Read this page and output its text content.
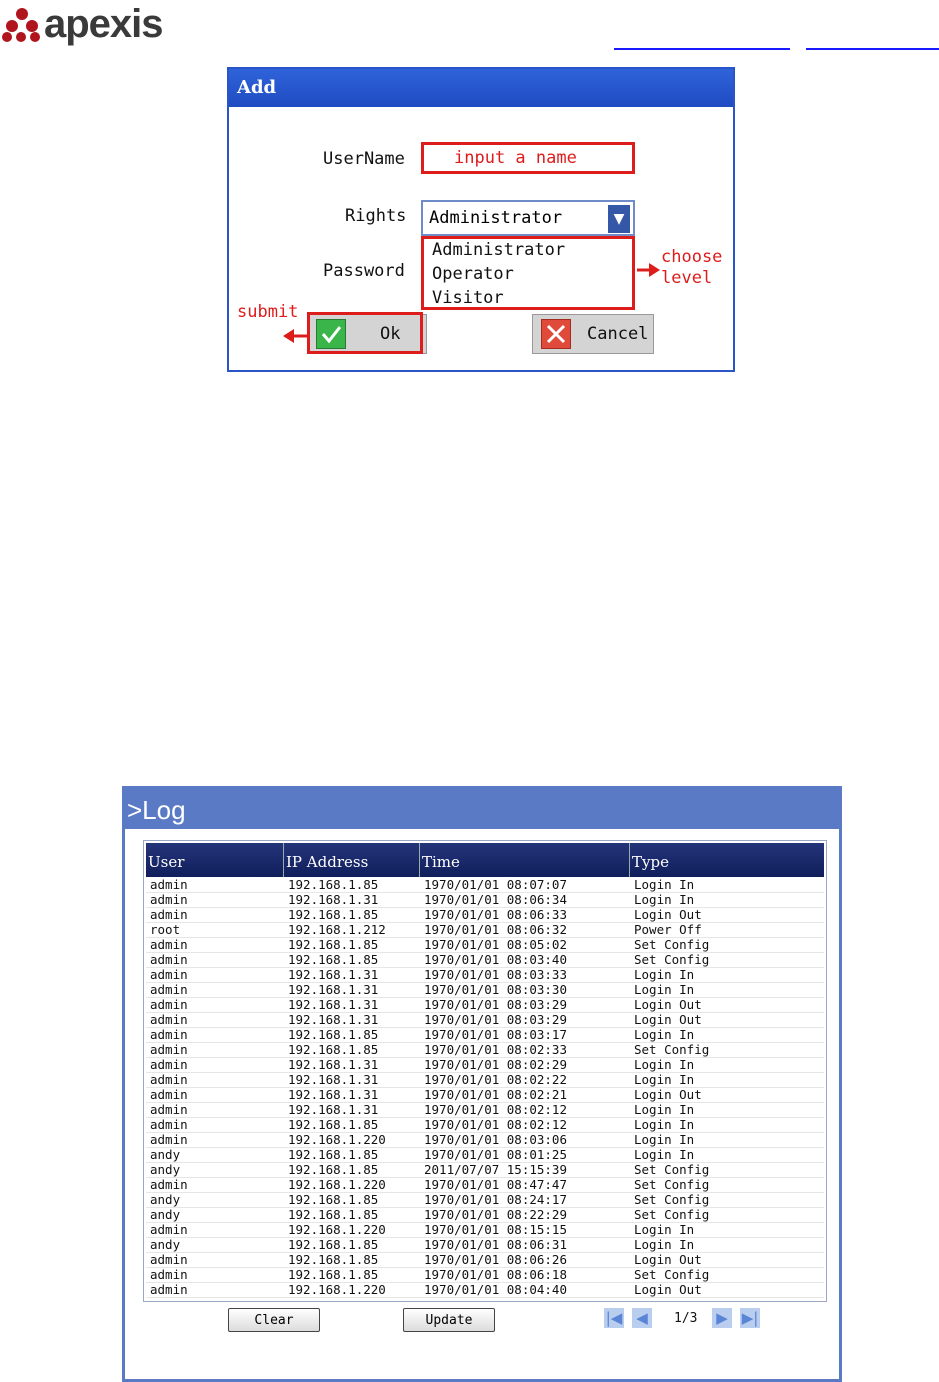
apexis
Add
UserName	input a name
Rights Administrator	▼
Password
Administrator
Operator
Visitor
choose
level
submit
Ok	Cancel
>Log
User	IP Address	Time	Type
admin	192.168.1.85	1970/01/01 08:07:07	Login In
admin	192.168.1.31	1970/01/01 08:06:34	Login In
admin	192.168.1.85	1970/01/01 08:06:33	Login Out
root	192.168.1.212	1970/01/01 08:06:32	Power Off
admin	192.168.1.85	1970/01/01 08:05:02	Set Config
admin	192.168.1.85	1970/01/01 08:03:40	Set Config
admin	192.168.1.31	1970/01/01 08:03:33	Login In
admin	192.168.1.31	1970/01/01 08:03:30	Login In
admin	192.168.1.31	1970/01/01 08:03:29	Login Out
admin	192.168.1.31	1970/01/01 08:03:29	Login Out
admin	192.168.1.85	1970/01/01 08:03:17	Login In
admin	192.168.1.85	1970/01/01 08:02:33	Set Config
admin	192.168.1.31	1970/01/01 08:02:29	Login In
admin	192.168.1.31	1970/01/01 08:02:22	Login In
admin	192.168.1.31	1970/01/01 08:02:21	Login Out
admin	192.168.1.31	1970/01/01 08:02:12	Login In
admin	192.168.1.85	1970/01/01 08:02:12	Login In
admin	192.168.1.220	1970/01/01 08:03:06	Login In
andy	192.168.1.85	1970/01/01 08:01:25	Login In
andy	192.168.1.85	2011/07/07 15:15:39	Set Config
admin	192.168.1.220	1970/01/01 08:47:47	Set Config
andy	192.168.1.85	1970/01/01 08:24:17	Set Config
andy	192.168.1.85	1970/01/01 08:22:29	Set Config
admin	192.168.1.220	1970/01/01 08:15:15	Login In
andy	192.168.1.85	1970/01/01 08:06:31	Login In
admin	192.168.1.85	1970/01/01 08:06:26	Login Out
admin	192.168.1.85	1970/01/01 08:06:18	Set Config
admin	192.168.1.220	1970/01/01 08:04:40	Login Out
Clear	Update	|◀ ◀	1/3 ▶ ▶|
